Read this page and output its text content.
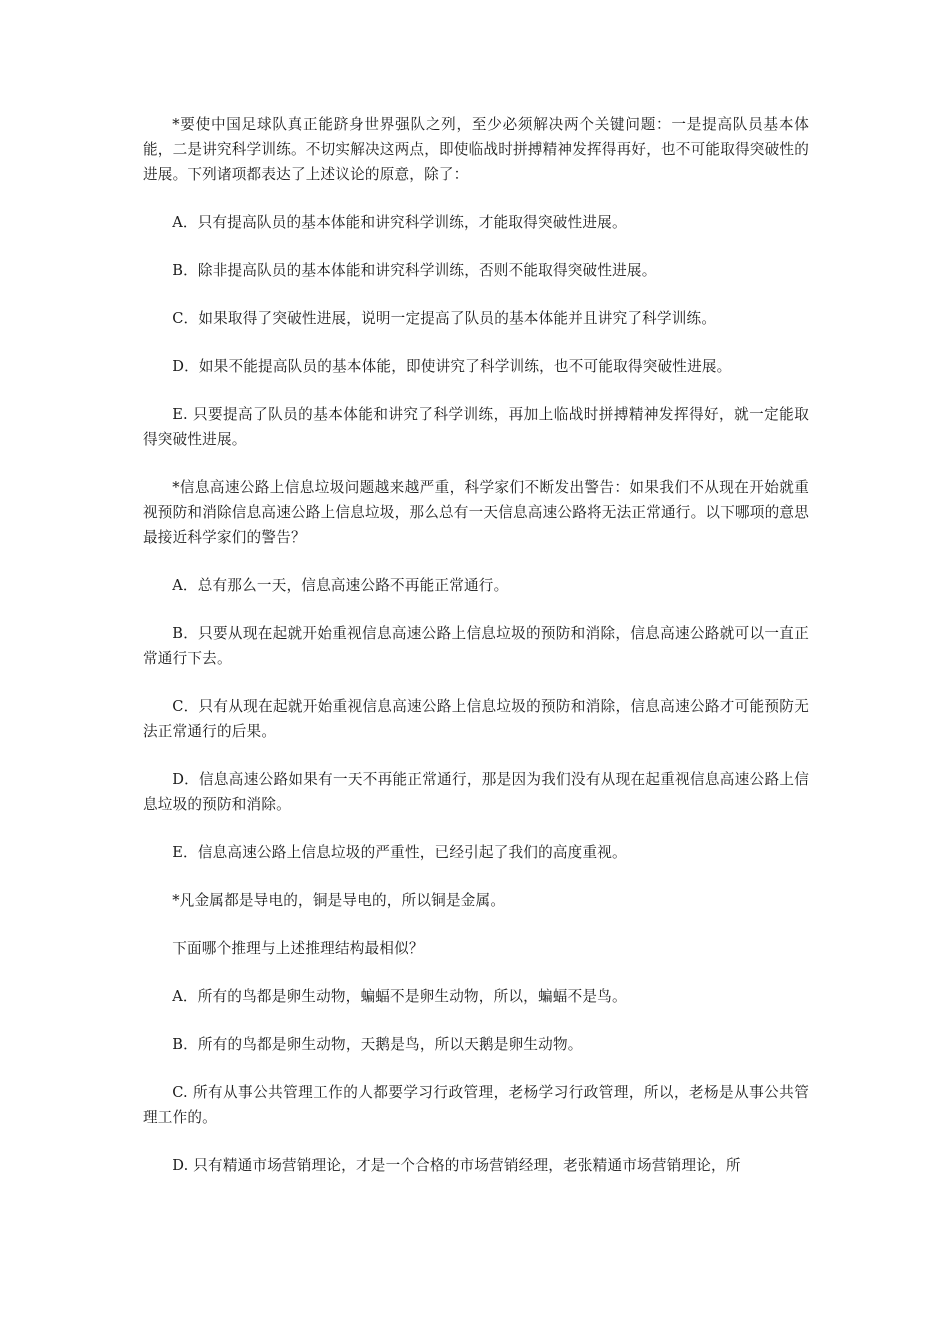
*要使中国足球队真正能跻身世界强队之列，至少必须解决两个关键问题：一是提高队员基本体能，二是讲究科学训练。不切实解决这两点，即使临战时拼搏精神发挥得再好，也不可能取得突破性的进展。下列诸项都表达了上述议论的原意，除了：

A．只有提高队员的基本体能和讲究科学训练，才能取得突破性进展。

B．除非提高队员的基本体能和讲究科学训练，否则不能取得突破性进展。

C．如果取得了突破性进展，说明一定提高了队员的基本体能并且讲究了科学训练。

D．如果不能提高队员的基本体能，即使讲究了科学训练，也不可能取得突破性进展。

E. 只要提高了队员的基本体能和讲究了科学训练，再加上临战时拼搏精神发挥得好，就一定能取得突破性进展。

*信息高速公路上信息垃圾问题越来越严重，科学家们不断发出警告：如果我们不从现在开始就重视预防和消除信息高速公路上信息垃圾，那么总有一天信息高速公路将无法正常通行。以下哪项的意思最接近科学家们的警告？

A．总有那么一天，信息高速公路不再能正常通行。

B．只要从现在起就开始重视信息高速公路上信息垃圾的预防和消除，信息高速公路就可以一直正常通行下去。

C．只有从现在起就开始重视信息高速公路上信息垃圾的预防和消除，信息高速公路才可能预防无法正常通行的后果。

D．信息高速公路如果有一天不再能正常通行，那是因为我们没有从现在起重视信息高速公路上信息垃圾的预防和消除。

E．信息高速公路上信息垃圾的严重性，已经引起了我们的高度重视。

*凡金属都是导电的，铜是导电的，所以铜是金属。

下面哪个推理与上述推理结构最相似？

A．所有的鸟都是卵生动物，蝙蝠不是卵生动物，所以，蝙蝠不是鸟。

B．所有的鸟都是卵生动物，天鹅是鸟，所以天鹅是卵生动物。

C. 所有从事公共管理工作的人都要学习行政管理，老杨学习行政管理，所以，老杨是从事公共管理工作的。

D. 只有精通市场营销理论，才是一个合格的市场营销经理，老张精通市场营销理论，所
